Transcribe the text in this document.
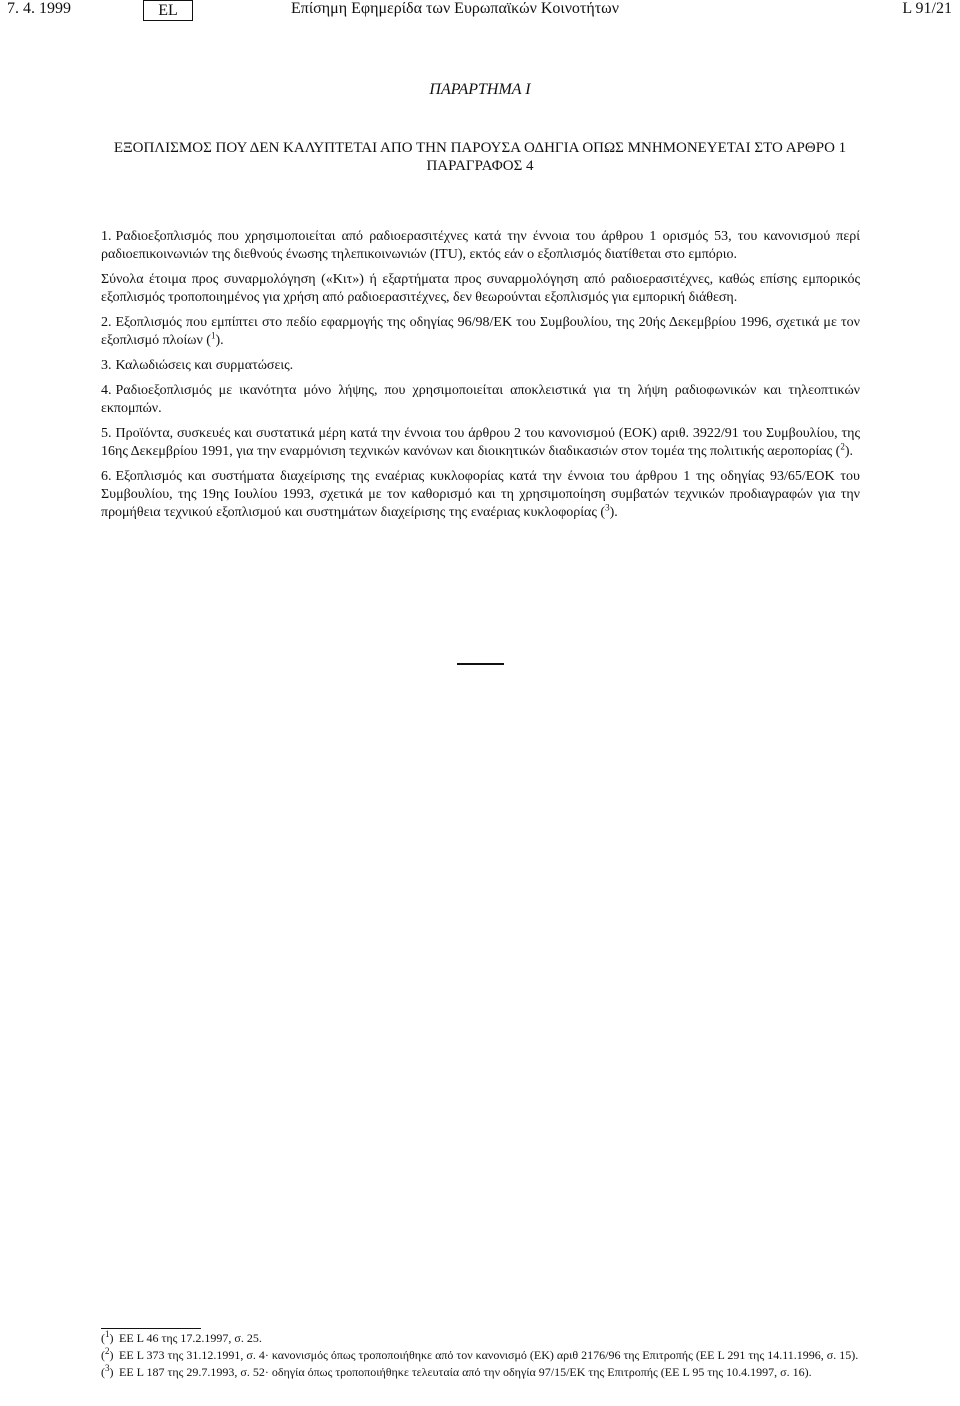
7. 4. 1999	EL	Επίσημη Εφημερίδα των Ευρωπαϊκών Κοινοτήτων	L 91/21
ΠΑΡΑΡΤΗΜΑ Ι
ΕΞΟΠΛΙΣΜΟΣ ΠΟΥ ΔΕΝ ΚΑΛΥΠΤΕΤΑΙ ΑΠΟ ΤΗΝ ΠΑΡΟΥΣΑ ΟΔΗΓΙΑ ΟΠΩΣ ΜΝΗΜΟΝΕΥΕΤΑΙ ΣΤΟ ΑΡΘΡΟ 1 ΠΑΡΑΓΡΑΦΟΣ 4

1. Ραδιοεξοπλισμός που χρησιμοποιείται από ραδιοερασιτέχνες κατά την έννοια του άρθρου 1 ορισμός 53, του κανονισμού περί ραδιοεπικοινωνιών της διεθνούς ένωσης τηλεπικοινωνιών (ITU), εκτός εάν ο εξοπλισμός διατίθεται στο εμπόριο.

Σύνολα έτοιμα προς συναρμολόγηση («Κιτ») ή εξαρτήματα προς συναρμολόγηση από ραδιοερασιτέχνες, καθώς επίσης εμπορικός εξοπλισμός τροποποιημένος για χρήση από ραδιοερασιτέχνες, δεν θεωρούνται εξοπλισμός για εμπορική διάθεση.

2. Εξοπλισμός που εμπίπτει στο πεδίο εφαρμογής της οδηγίας 96/98/ΕΚ του Συμβουλίου, της 20ής Δεκεμβρίου 1996, σχετικά με τον εξοπλισμό πλοίων ($^1$).

3. Καλωδιώσεις και συρματώσεις.

4. Ραδιοεξοπλισμός με ικανότητα μόνο λήψης, που χρησιμοποιείται αποκλειστικά για τη λήψη ραδιοφωνικών και τηλεοπτικών εκπομπών.

5. Προϊόντα, συσκευές και συστατικά μέρη κατά την έννοια του άρθρου 2 του κανονισμού (ΕΟΚ) αριθ. 3922/91 του Συμβουλίου, της 16ης Δεκεμβρίου 1991, για την εναρμόνιση τεχνικών κανόνων και διοικητικών διαδικασιών στον τομέα της πολιτικής αεροπορίας ($^2$).

6. Εξοπλισμός και συστήματα διαχείρισης της εναέριας κυκλοφορίας κατά την έννοια του άρθρου 1 της οδηγίας 93/65/ΕΟΚ του Συμβουλίου, της 19ης Ιουλίου 1993, σχετικά με τον καθορισμό και τη χρησιμοποίηση συμβατών τεχνικών προδιαγραφών για την προμήθεια τεχνικού εξοπλισμού και συστημάτων διαχείρισης της εναέριας κυκλοφορίας ($^3$).

($^1$) ΕΕ L 46 της 17.2.1997, σ. 25.
($^2$) ΕΕ L 373 της 31.12.1991, σ. 4· κανονισμός όπως τροποποιήθηκε από τον κανονισμό (ΕΚ) αριθ 2176/96 της Επιτροπής (ΕΕ L 291 της 14.11.1996, σ. 15).
($^3$) ΕΕ L 187 της 29.7.1993, σ. 52· οδηγία όπως τροποποιήθηκε τελευταία από την οδηγία 97/15/ΕΚ της Επιτροπής (ΕΕ L 95 της 10.4.1997, σ. 16).
